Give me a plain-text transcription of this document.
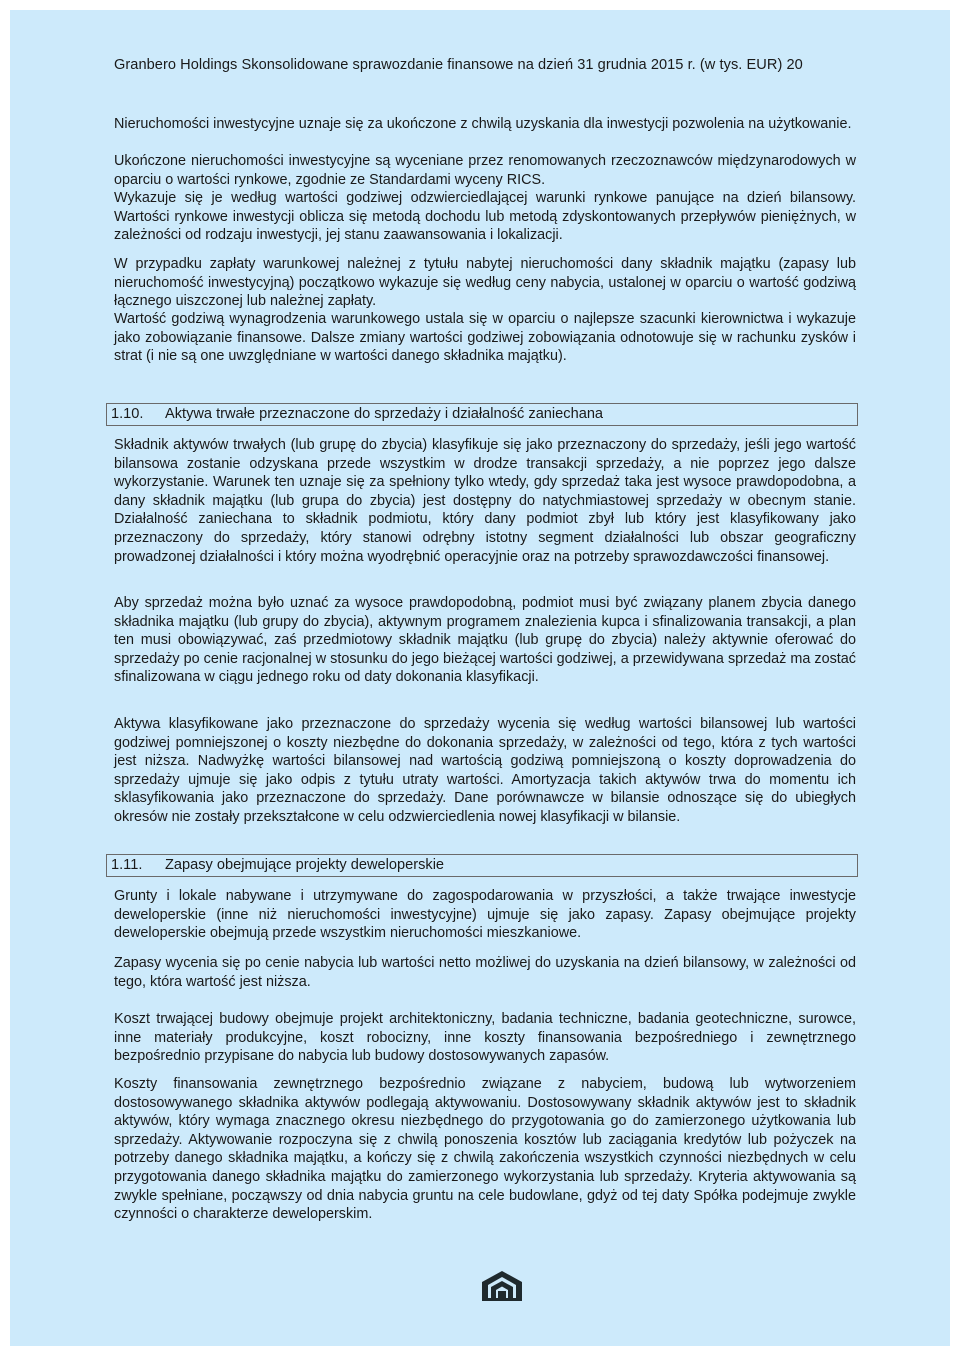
Granbero Holdings Skonsolidowane sprawozdanie finansowe na dzień 31 grudnia 2015 r. (w tys. EUR) 20

Nieruchomości inwestycyjne uznaje się za ukończone z chwilą uzyskania dla inwestycji pozwolenia na użytkowanie.

Ukończone nieruchomości inwestycyjne są wyceniane przez renomowanych rzeczoznawców międzynarodowych w oparciu o wartości rynkowe, zgodnie ze Standardami wyceny RICS.

Wykazuje się je według wartości godziwej odzwierciedlającej warunki rynkowe panujące na dzień bilansowy. Wartości rynkowe inwestycji oblicza się metodą dochodu lub metodą zdyskontowanych przepływów pieniężnych, w zależności od rodzaju inwestycji, jej stanu zaawansowania i lokalizacji.

W przypadku zapłaty warunkowej należnej z tytułu nabytej nieruchomości dany składnik majątku (zapasy lub nieruchomość inwestycyjną) początkowo wykazuje się według ceny nabycia, ustalonej w oparciu o wartość godziwą łącznego uiszczonej lub należnej zapłaty.

Wartość godziwą wynagrodzenia warunkowego ustala się w oparciu o najlepsze szacunki kierownictwa i wykazuje jako zobowiązanie finansowe. Dalsze zmiany wartości godziwej zobowiązania odnotowuje się w rachunku zysków i strat (i nie są one uwzględniane w wartości danego składnika majątku).

1.10. Aktywa trwałe przeznaczone do sprzedaży i działalność zaniechana

Składnik aktywów trwałych (lub grupę do zbycia) klasyfikuje się jako przeznaczony do sprzedaży, jeśli jego wartość bilansowa zostanie odzyskana przede wszystkim w drodze transakcji sprzedaży, a nie poprzez jego dalsze wykorzystanie. Warunek ten uznaje się za spełniony tylko wtedy, gdy sprzedaż taka jest wysoce prawdopodobna, a dany składnik majątku (lub grupa do zbycia) jest dostępny do natychmiastowej sprzedaży w obecnym stanie. Działalność zaniechana to składnik podmiotu, który dany podmiot zbył lub który jest klasyfikowany jako przeznaczony do sprzedaży, który stanowi odrębny istotny segment działalności lub obszar geograficzny prowadzonej działalności i który można wyodrębnić operacyjnie oraz na potrzeby sprawozdawczości finansowej.

Aby sprzedaż można było uznać za wysoce prawdopodobną, podmiot musi być związany planem zbycia danego składnika majątku (lub grupy do zbycia), aktywnym programem znalezienia kupca i sfinalizowania transakcji, a plan ten musi obowiązywać, zaś przedmiotowy składnik majątku (lub grupę do zbycia) należy aktywnie oferować do sprzedaży po cenie racjonalnej w stosunku do jego bieżącej wartości godziwej, a przewidywana sprzedaż ma zostać sfinalizowana w ciągu jednego roku od daty dokonania klasyfikacji.

Aktywa klasyfikowane jako przeznaczone do sprzedaży wycenia się według wartości bilansowej lub wartości godziwej pomniejszonej o koszty niezbędne do dokonania sprzedaży, w zależności od tego, która z tych wartości jest niższa. Nadwyżkę wartości bilansowej nad wartością godziwą pomniejszoną o koszty doprowadzenia do sprzedaży ujmuje się jako odpis z tytułu utraty wartości. Amortyzacja takich aktywów trwa do momentu ich sklasyfikowania jako przeznaczone do sprzedaży. Dane porównawcze w bilansie odnoszące się do ubiegłych okresów nie zostały przekształcone w celu odzwierciedlenia nowej klasyfikacji w bilansie.

1.11. Zapasy obejmujące projekty deweloperskie

Grunty i lokale nabywane i utrzymywane do zagospodarowania w przyszłości, a także trwające inwestycje deweloperskie (inne niż nieruchomości inwestycyjne) ujmuje się jako zapasy. Zapasy obejmujące projekty deweloperskie obejmują przede wszystkim nieruchomości mieszkaniowe.

Zapasy wycenia się po cenie nabycia lub wartości netto możliwej do uzyskania na dzień bilansowy, w zależności od tego, która wartość jest niższa.

Koszt trwającej budowy obejmuje projekt architektoniczny, badania techniczne, badania geotechniczne, surowce, inne materiały produkcyjne, koszt robocizny, inne koszty finansowania bezpośredniego i zewnętrznego bezpośrednio przypisane do nabycia lub budowy dostosowywanych zapasów.

Koszty finansowania zewnętrznego bezpośrednio związane z nabyciem, budową lub wytworzeniem dostosowywanego składnika aktywów podlegają aktywowaniu. Dostosowywany składnik aktywów jest to składnik aktywów, który wymaga znacznego okresu niezbędnego do przygotowania go do zamierzonego użytkowania lub sprzedaży. Aktywowanie rozpoczyna się z chwilą ponoszenia kosztów lub zaciągania kredytów lub pożyczek na potrzeby danego składnika majątku, a kończy się z chwilą zakończenia wszystkich czynności niezbędnych w celu przygotowania danego składnika majątku do zamierzonego wykorzystania lub sprzedaży. Kryteria aktywowania są zwykle spełniane, począwszy od dnia nabycia gruntu na cele budowlane, gdyż od tej daty Spółka podejmuje zwykle czynności o charakterze deweloperskim.
